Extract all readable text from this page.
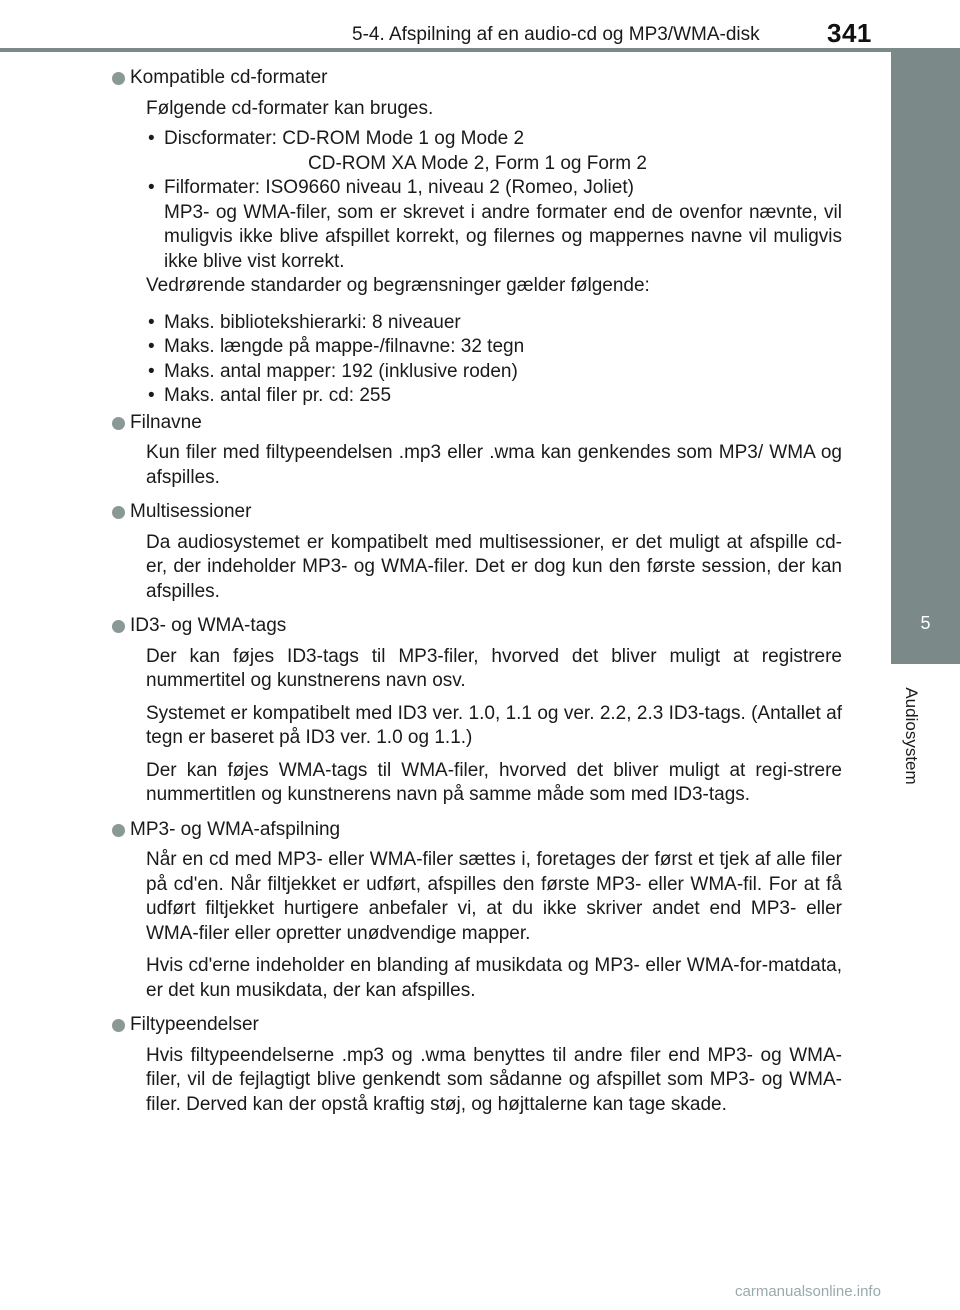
5-4. Afspilning af en audio-cd og MP3/WMA-disk	341
5
Audiosystem
Kompatible cd-formater
Følgende cd-formater kan bruges.
• Discformater: CD-ROM Mode 1 og Mode 2
CD-ROM XA Mode 2, Form 1 og Form 2
• Filformater: ISO9660 niveau 1, niveau 2 (Romeo, Joliet)
MP3- og WMA-filer, som er skrevet i andre formater end de ovenfor nævnte, vil muligvis ikke blive afspillet korrekt, og filernes og mappernes navne vil muligvis ikke blive vist korrekt.
Vedrørende standarder og begrænsninger gælder følgende:
• Maks. bibliotekshierarki: 8 niveauer
• Maks. længde på mappe-/filnavne: 32 tegn
• Maks. antal mapper: 192 (inklusive roden)
• Maks. antal filer pr. cd: 255
Filnavne
Kun filer med filtypeendelsen .mp3 eller .wma kan genkendes som MP3/ WMA og afspilles.
Multisessioner
Da audiosystemet er kompatibelt med multisessioner, er det muligt at afspille cd-er, der indeholder MP3- og WMA-filer. Det er dog kun den første session, der kan afspilles.
ID3- og WMA-tags
Der kan føjes ID3-tags til MP3-filer, hvorved det bliver muligt at registrere nummertitel og kunstnerens navn osv.
Systemet er kompatibelt med ID3 ver. 1.0, 1.1 og ver. 2.2, 2.3 ID3-tags. (Antallet af tegn er baseret på ID3 ver. 1.0 og 1.1.)
Der kan føjes WMA-tags til WMA-filer, hvorved det bliver muligt at regi-strere nummertitlen og kunstnerens navn på samme måde som med ID3-tags.
MP3- og WMA-afspilning
Når en cd med MP3- eller WMA-filer sættes i, foretages der først et tjek af alle filer på cd'en. Når filtjekket er udført, afspilles den første MP3- eller WMA-fil. For at få udført filtjekket hurtigere anbefaler vi, at du ikke skriver andet end MP3- eller WMA-filer eller opretter unødvendige mapper.
Hvis cd'erne indeholder en blanding af musikdata og MP3- eller WMA-for-matdata, er det kun musikdata, der kan afspilles.
Filtypeendelser
Hvis filtypeendelserne .mp3 og .wma benyttes til andre filer end MP3- og WMA-filer, vil de fejlagtigt blive genkendt som sådanne og afspillet som MP3- og WMA-filer. Derved kan der opstå kraftig støj, og højttalerne kan tage skade.
carmanualsonline.info
